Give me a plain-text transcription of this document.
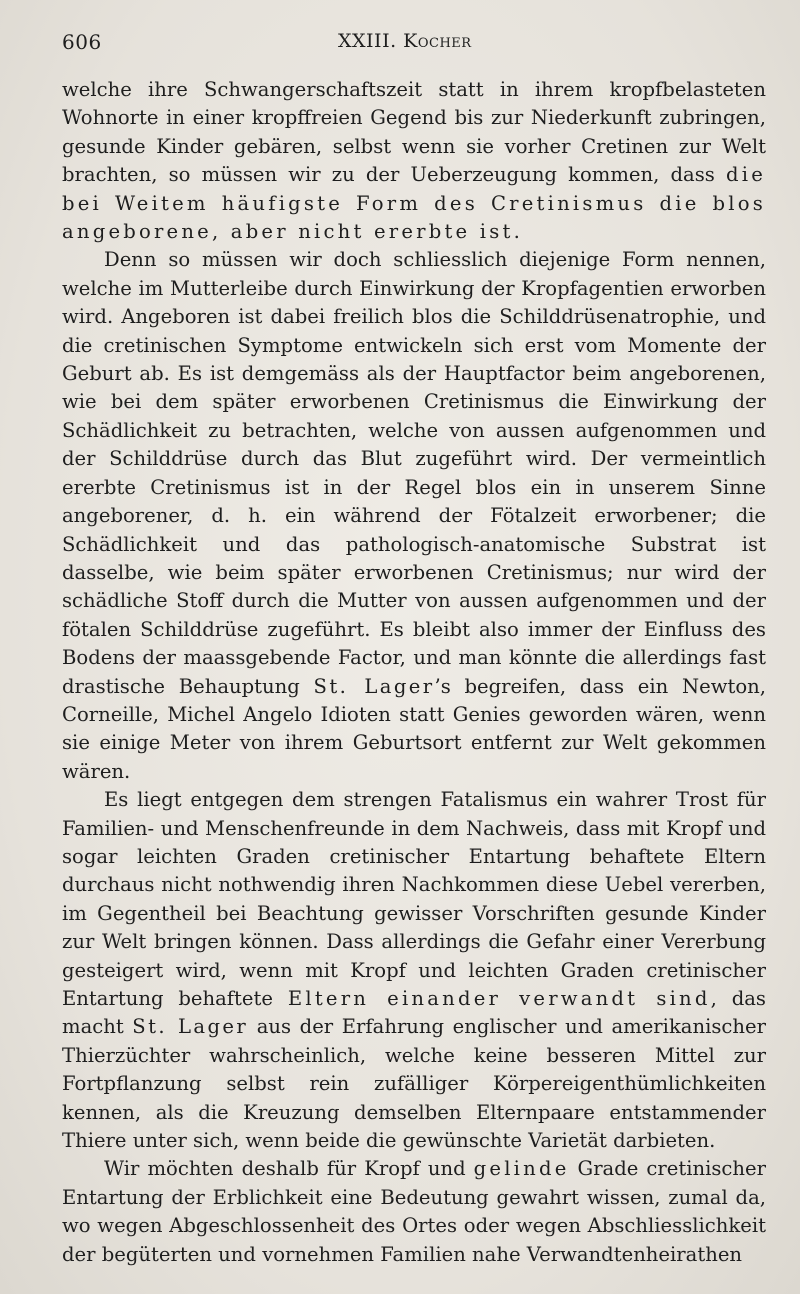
606	XXIII. Kocher

welche ihre Schwangerschaftszeit statt in ihrem kropfbelasteten Wohnorte in einer kropffreien Gegend bis zur Niederkunft zubringen, gesunde Kinder gebären, selbst wenn sie vorher Cretinen zur Welt brachten, so müssen wir zu der Ueberzeugung kommen, dass die bei Weitem häufigste Form des Cretinismus die blos angeborene, aber nicht ererbte ist.

Denn so müssen wir doch schliesslich diejenige Form nennen, welche im Mutterleibe durch Einwirkung der Kropfagentien erworben wird. Angeboren ist dabei freilich blos die Schilddrüsenatrophie, und die cretinischen Symptome entwickeln sich erst vom Momente der Geburt ab. Es ist demgemäss als der Hauptfactor beim angeborenen, wie bei dem später erworbenen Cretinismus die Einwirkung der Schädlichkeit zu betrachten, welche von aussen aufgenommen und der Schilddrüse durch das Blut zugeführt wird. Der vermeintlich ererbte Cretinismus ist in der Regel blos ein in unserem Sinne angeborener, d. h. ein während der Fötalzeit erworbener; die Schädlichkeit und das pathologisch-anatomische Substrat ist dasselbe, wie beim später erworbenen Cretinismus; nur wird der schädliche Stoff durch die Mutter von aussen aufgenommen und der fötalen Schilddrüse zugeführt. Es bleibt also immer der Einfluss des Bodens der maassgebende Factor, und man könnte die allerdings fast drastische Behauptung St. Lager’s begreifen, dass ein Newton, Corneille, Michel Angelo Idioten statt Genies geworden wären, wenn sie einige Meter von ihrem Geburtsort entfernt zur Welt gekommen wären.

Es liegt entgegen dem strengen Fatalismus ein wahrer Trost für Familien- und Menschenfreunde in dem Nachweis, dass mit Kropf und sogar leichten Graden cretinischer Entartung behaftete Eltern durchaus nicht nothwendig ihren Nachkommen diese Uebel vererben, im Gegentheil bei Beachtung gewisser Vorschriften gesunde Kinder zur Welt bringen können. Dass allerdings die Gefahr einer Vererbung gesteigert wird, wenn mit Kropf und leichten Graden cretinischer Entartung behaftete Eltern einander verwandt sind, das macht St. Lager aus der Erfahrung englischer und amerikanischer Thierzüchter wahrscheinlich, welche keine besseren Mittel zur Fortpflanzung selbst rein zufälliger Körpereigenthümlichkeiten kennen, als die Kreuzung demselben Elternpaare entstammender Thiere unter sich, wenn beide die gewünschte Varietät darbieten.

Wir möchten deshalb für Kropf und gelinde Grade cretinischer Entartung der Erblichkeit eine Bedeutung gewahrt wissen, zumal da, wo wegen Abgeschlossenheit des Ortes oder wegen Abschliesslichkeit der begüterten und vornehmen Familien nahe Verwandtenheirathen
